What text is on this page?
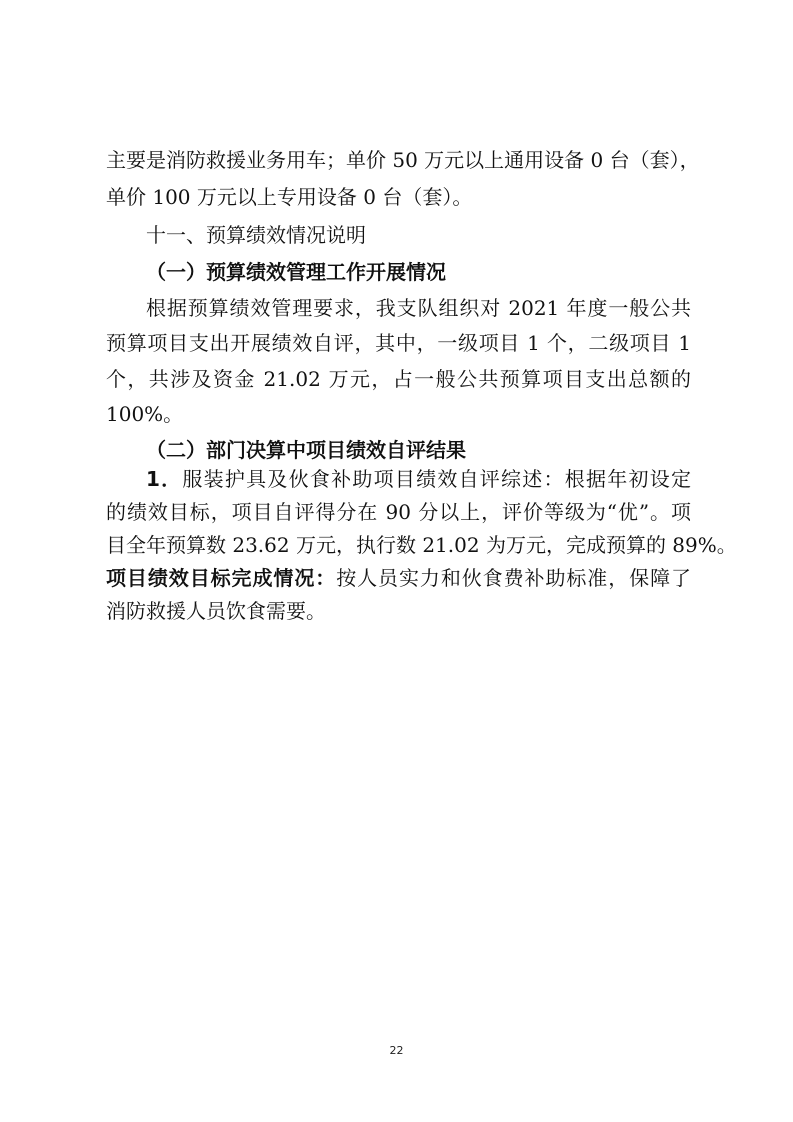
主要是消防救援业务用车；单价 50 万元以上通用设备 0 台（套），
单价 100 万元以上专用设备 0 台（套）。
十一、预算绩效情况说明
（一）预算绩效管理工作开展情况
根据预算绩效管理要求，我支队组织对 2021 年度一般公共
预算项目支出开展绩效自评，其中，一级项目 1 个，二级项目 1
个，共涉及资金 21.02 万元，占一般公共预算项目支出总额的
100%。
（二）部门决算中项目绩效自评结果
1．服装护具及伙食补助项目绩效自评综述：根据年初设定
的绩效目标，项目自评得分在 90 分以上，评价等级为“优”。项
目全年预算数 23.62 万元，执行数 21.02 为万元，完成预算的 89%。
项目绩效目标完成情况：按人员实力和伙食费补助标准，保障了
消防救援人员饮食需要。
22
